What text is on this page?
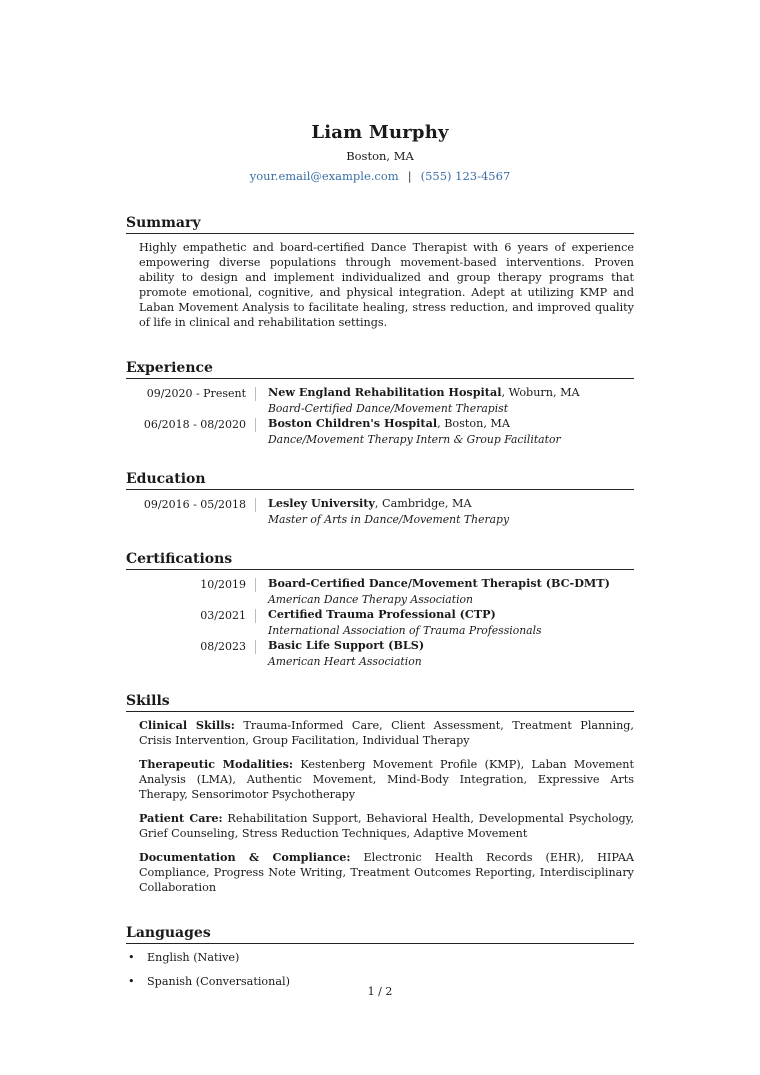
Liam Murphy
Boston, MA
your.email@example.com | (555) 123-4567
Summary

Highly empathetic and board-certified Dance Therapist with 6 years of experience empowering diverse populations through movement-based interventions. Proven ability to design and implement individualized and group therapy programs that promote emotional, cognitive, and physical integration. Adept at utilizing KMP and Laban Movement Analysis to facilitate healing, stress reduction, and improved quality of life in clinical and rehabilitation settings.

Experience
09/2020 - Present	New England Rehabilitation Hospital, Woburn, MA
Board-Certified Dance/Movement Therapist
06/2018 - 08/2020	Boston Children's Hospital, Boston, MA
Dance/Movement Therapy Intern & Group Facilitator
Education
09/2016 - 05/2018	Lesley University, Cambridge, MA
Master of Arts in Dance/Movement Therapy
Certifications
10/2019	Board-Certified Dance/Movement Therapist (BC-DMT)
American Dance Therapy Association
03/2021	Certified Trauma Professional (CTP)
International Association of Trauma Professionals
08/2023	Basic Life Support (BLS)
American Heart Association
Skills

Clinical Skills: Trauma-Informed Care, Client Assessment, Treatment Planning, Crisis Intervention, Group Facilitation, Individual Therapy

Therapeutic Modalities: Kestenberg Movement Profile (KMP), Laban Movement Analysis (LMA), Authentic Movement, Mind-Body Integration, Expressive Arts Therapy, Sensorimotor Psychotherapy

Patient Care: Rehabilitation Support, Behavioral Health, Developmental Psychology, Grief Counseling, Stress Reduction Techniques, Adaptive Movement

Documentation & Compliance: Electronic Health Records (EHR), HIPAA Compliance, Progress Note Writing, Treatment Outcomes Reporting, Interdisciplinary Collaboration

Languages
•	English (Native)
•	Spanish (Conversational)
1 / 2
